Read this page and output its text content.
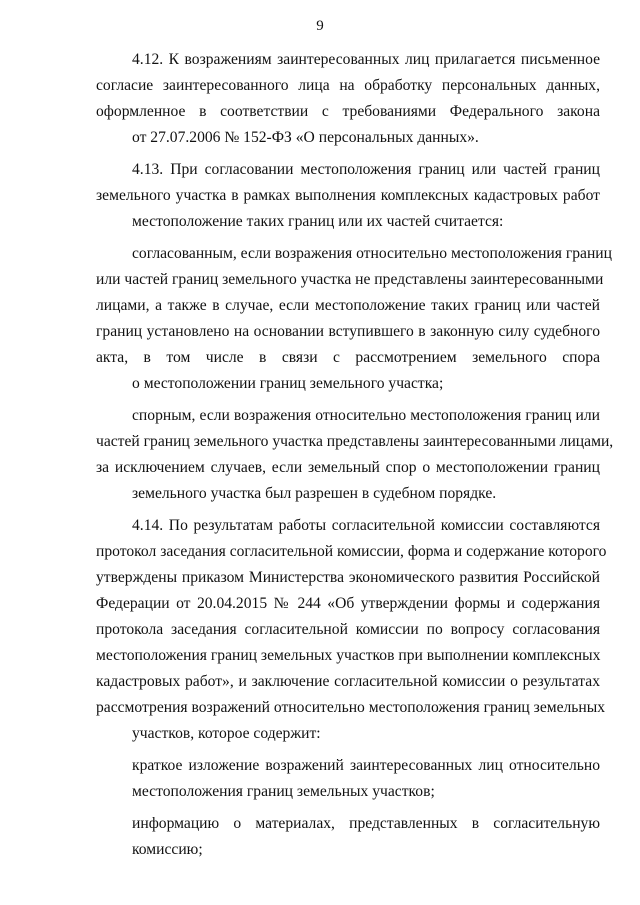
9
4.12. К возражениям заинтересованных лиц прилагается письменное
согласие заинтересованного лица на обработку персональных данных,
оформленное в соответствии с требованиями Федерального закона
от 27.07.2006 № 152-ФЗ «О персональных данных».
4.13. При согласовании местоположения границ или частей границ
земельного участка в рамках выполнения комплексных кадастровых работ
местоположение таких границ или их частей считается:
согласованным, если возражения относительно местоположения границ
или частей границ земельного участка не представлены заинтересованными
лицами, а также в случае, если местоположение таких границ или частей
границ установлено на основании вступившего в законную силу судебного
акта, в том числе в связи с рассмотрением земельного спора
о местоположении границ земельного участка;
спорным, если возражения относительно местоположения границ или
частей границ земельного участка представлены заинтересованными лицами,
за исключением случаев, если земельный спор о местоположении границ
земельного участка был разрешен в судебном порядке.
4.14. По результатам работы согласительной комиссии составляются
протокол заседания согласительной комиссии, форма и содержание которого
утверждены приказом Министерства экономического развития Российской
Федерации от 20.04.2015 № 244 «Об утверждении формы и содержания
протокола заседания согласительной комиссии по вопросу согласования
местоположения границ земельных участков при выполнении комплексных
кадастровых работ», и заключение согласительной комиссии о результатах
рассмотрения возражений относительно местоположения границ земельных
участков, которое содержит:
краткое изложение возражений заинтересованных лиц относительно
местоположения границ земельных участков;
информацию о материалах, представленных в согласительную
комиссию;
